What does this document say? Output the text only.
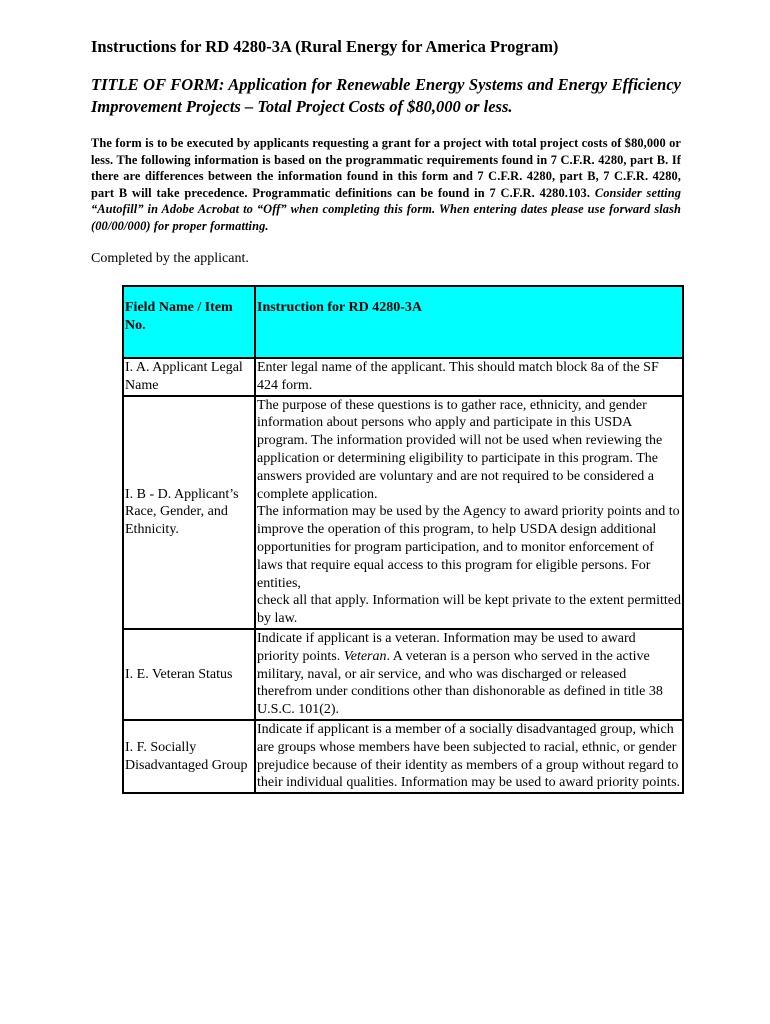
Instructions for RD 4280-3A (Rural Energy for America Program)

TITLE OF FORM: Application for Renewable Energy Systems and Energy Efficiency Improvement Projects – Total Project Costs of $80,000 or less.

The form is to be executed by applicants requesting a grant for a project with total project costs of $80,000 or less. The following information is based on the programmatic requirements found in 7 C.F.R. 4280, part B. If there are differences between the information found in this form and 7 C.F.R. 4280, part B, 7 C.F.R. 4280, part B will take precedence. Programmatic definitions can be found in 7 C.F.R. 4280.103. Consider setting “Autofill” in Adobe Acrobat to “Off” when completing this form. When entering dates please use forward slash (00/00/000) for proper formatting.

Completed by the applicant.

Field Name / Item No.	Instruction for RD 4280-3A
I. A. Applicant Legal Name	Enter legal name of the applicant. This should match block 8a of the SF 424 form.
I. B - D. Applicant’s Race, Gender, and Ethnicity.	The purpose of these questions is to gather race, ethnicity, and gender information about persons who apply and participate in this USDA program. The information provided will not be used when reviewing the application or determining eligibility to participate in this program. The answers provided are voluntary and are not required to be considered a complete application.
The information may be used by the Agency to award priority points and to improve the operation of this program, to help USDA design additional opportunities for program participation, and to monitor enforcement of laws that require equal access to this program for eligible persons. For entities,
check all that apply. Information will be kept private to the extent permitted by law.
I. E. Veteran Status	Indicate if applicant is a veteran. Information may be used to award priority points. Veteran. A veteran is a person who served in the active military, naval, or air service, and who was discharged or released therefrom under conditions other than dishonorable as defined in title 38 U.S.C. 101(2).
I. F. Socially Disadvantaged Group	Indicate if applicant is a member of a socially disadvantaged group, which are groups whose members have been subjected to racial, ethnic, or gender prejudice because of their identity as members of a group without regard to their individual qualities. Information may be used to award priority points.
